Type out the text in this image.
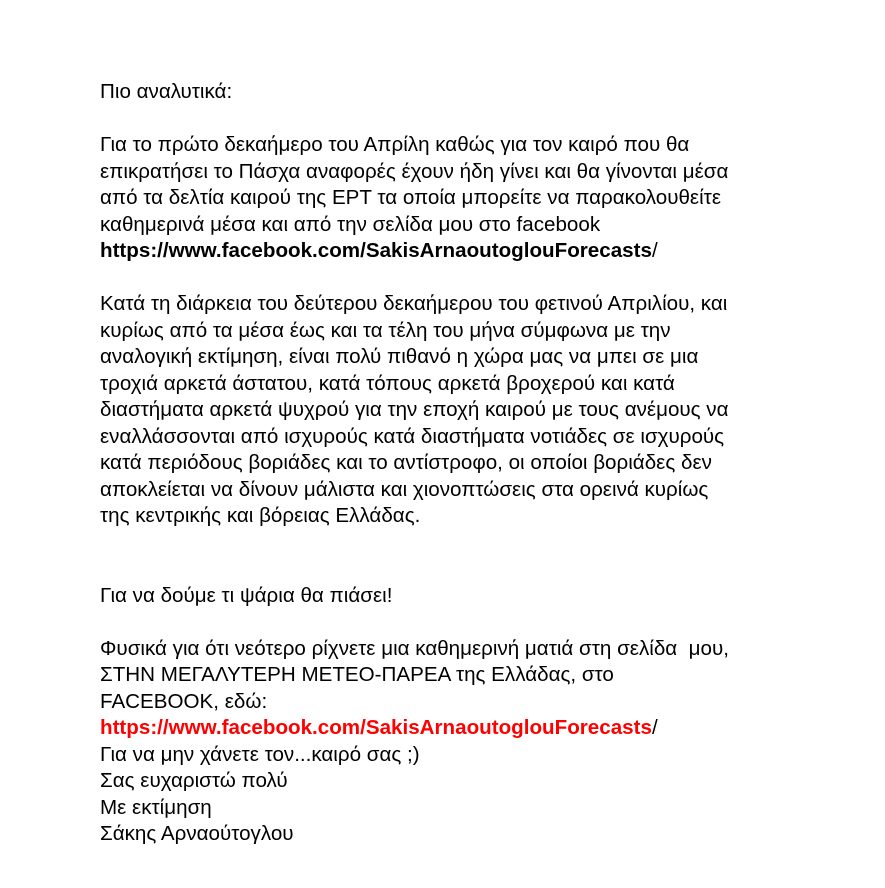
Πιο αναλυτικά:
Για το πρώτο δεκαήμερο του Απρίλη καθώς για τον καιρό που θα
επικρατήσει το Πάσχα αναφορές έχουν ήδη γίνει και θα γίνονται μέσα
από τα δελτία καιρού της ΕΡΤ τα οποία μπορείτε να παρακολουθείτε
καθημερινά μέσα και από την σελίδα μου στο facebook
https://www.facebook.com/SakisArnaoutoglouForecasts/
Κατά τη διάρκεια του δεύτερου δεκαήμερου του φετινού Απριλίου, και
κυρίως από τα μέσα έως και τα τέλη του μήνα σύμφωνα με την
αναλογική εκτίμηση, είναι πολύ πιθανό η χώρα μας να μπει σε μια
τροχιά αρκετά άστατου, κατά τόπους αρκετά βροχερού και κατά
διαστήματα αρκετά ψυχρού για την εποχή καιρού με τους ανέμους να
εναλλάσσονται από ισχυρούς κατά διαστήματα νοτιάδες σε ισχυρούς
κατά περιόδους βοριάδες και το αντίστροφο, οι οποίοι βοριάδες δεν
αποκλείεται να δίνουν μάλιστα και χιονοπτώσεις στα ορεινά κυρίως
της κεντρικής και βόρειας Ελλάδας.
Για να δούμε τι ψάρια θα πιάσει!
Φυσικά για ότι νεότερο ρίχνετε μια καθημερινή ματιά στη σελίδα  μου,
ΣΤΗΝ ΜΕΓΑΛΥΤΕΡΗ ΜΕΤΕΟ-ΠΑΡΕΑ της Ελλάδας, στο
FACEBOOK, εδώ:
https://www.facebook.com/SakisArnaoutoglouForecasts/
Για να μην χάνετε τον...καιρό σας ;)
Σας ευχαριστώ πολύ
Με εκτίμηση
Σάκης Αρναούτογλου
